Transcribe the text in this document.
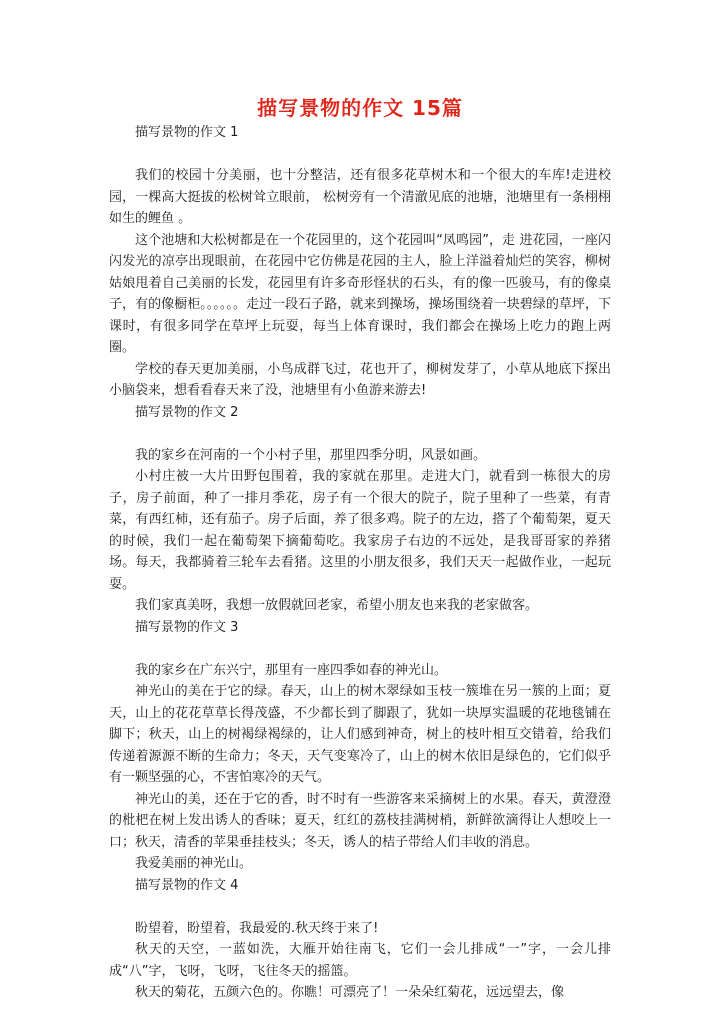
描写景物的作文 15篇
描写景物的作文 1

我们的校园十分美丽，也十分整洁，还有很多花草树木和一个很大的车库!走进校园，一棵高大挺拔的松树耸立眼前， 松树旁有一个清澈见底的池塘，池塘里有一条栩栩如生的鲤鱼 。

这个池塘和大松树都是在一个花园里的，这个花园叫“凤鸣园”，走 进花园，一座闪闪发光的凉亭出现眼前，在花园中它仿佛是花园的主人，脸上洋溢着灿烂的笑容，柳树姑娘甩着自己美丽的长发，花园里有许多奇形怪状的石头，有的像一匹骏马，有的像桌子，有的像橱柜。。。。。。走过一段石子路，就来到操场，操场围绕着一块碧绿的草坪，下课时，有很多同学在草坪上玩耍，每当上体育课时，我们都会在操场上吃力的跑上两圈。

学校的春天更加美丽，小鸟成群飞过，花也开了，柳树发芽了，小草从地底下探出小脑袋来，想看看春天来了没，池塘里有小鱼游来游去!

描写景物的作文 2

我的家乡在河南的一个小村子里，那里四季分明，风景如画。

小村庄被一大片田野包围着，我的家就在那里。走进大门，就看到一栋很大的房子，房子前面，种了一排月季花，房子有一个很大的院子，院子里种了一些菜，有青菜，有西红柿，还有茄子。房子后面，养了很多鸡。院子的左边，搭了个葡萄架，夏天的时候，我们一起在葡萄架下摘葡萄吃。我家房子右边的不远处，是我哥哥家的养猪场。每天，我都骑着三轮车去看猪。这里的小朋友很多，我们天天一起做作业，一起玩耍。

我们家真美呀，我想一放假就回老家，希望小朋友也来我的老家做客。

描写景物的作文 3

我的家乡在广东兴宁，那里有一座四季如春的神光山。

神光山的美在于它的绿。春天，山上的树木翠绿如玉枝一簇堆在另一簇的上面；夏天，山上的花花草草长得茂盛，不少都长到了脚跟了，犹如一块厚实温暖的花地毯铺在脚下；秋天，山上的树褐绿褐绿的，让人们感到神奇，树上的枝叶相互交错着，给我们传递着源源不断的生命力；冬天，天气变寒冷了，山上的树木依旧是绿色的，它们似乎有一颗坚强的心，不害怕寒冷的天气。

神光山的美，还在于它的香，时不时有一些游客来采摘树上的水果。春天，黄澄澄的枇杷在树上发出诱人的香味；夏天，红红的荔枝挂满树梢，新鲜欲滴得让人想咬上一口；秋天，清香的苹果垂挂枝头；冬天，诱人的桔子带给人们丰收的消息。

我爱美丽的神光山。

描写景物的作文 4

盼望着，盼望着，我最爱的.秋天终于来了!

秋天的天空，一蓝如洗，大雁开始往南飞，它们一会儿排成“一”字，一会儿排成“八”字，飞呀，飞呀，飞往冬天的摇篮。

秋天的菊花，五颜六色的。你瞧！可漂亮了！一朵朵红菊花，远远望去，像
